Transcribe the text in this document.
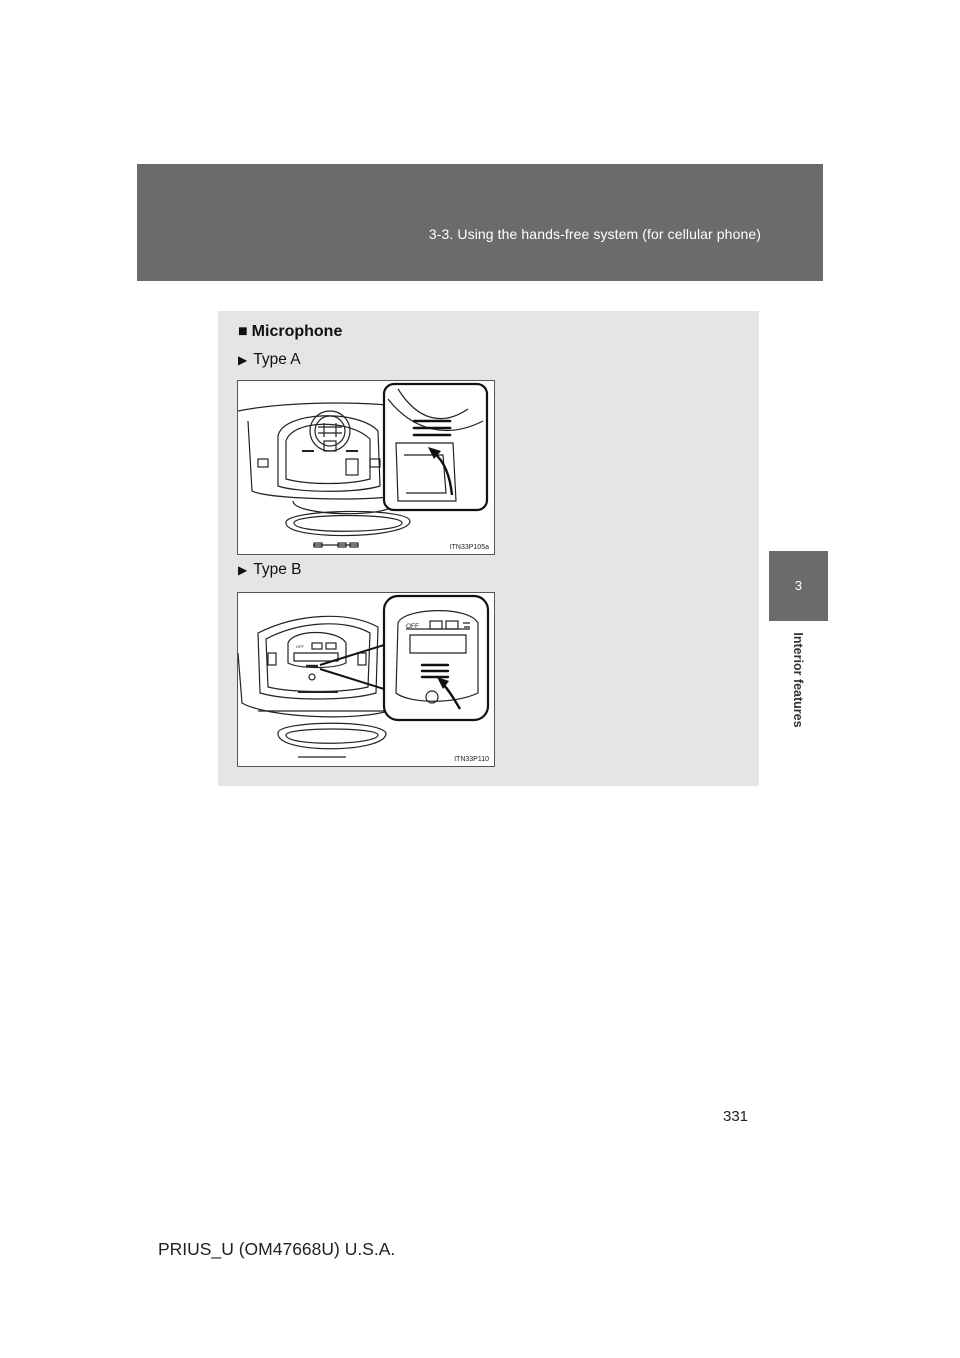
3-3. Using the hands-free system (for cellular phone)
3
Interior features
■ Microphone
▶ Type A
ITN33P105a
▶ Type B
OFF
OFF
ITN33P110
331
PRIUS_U (OM47668U) U.S.A.
